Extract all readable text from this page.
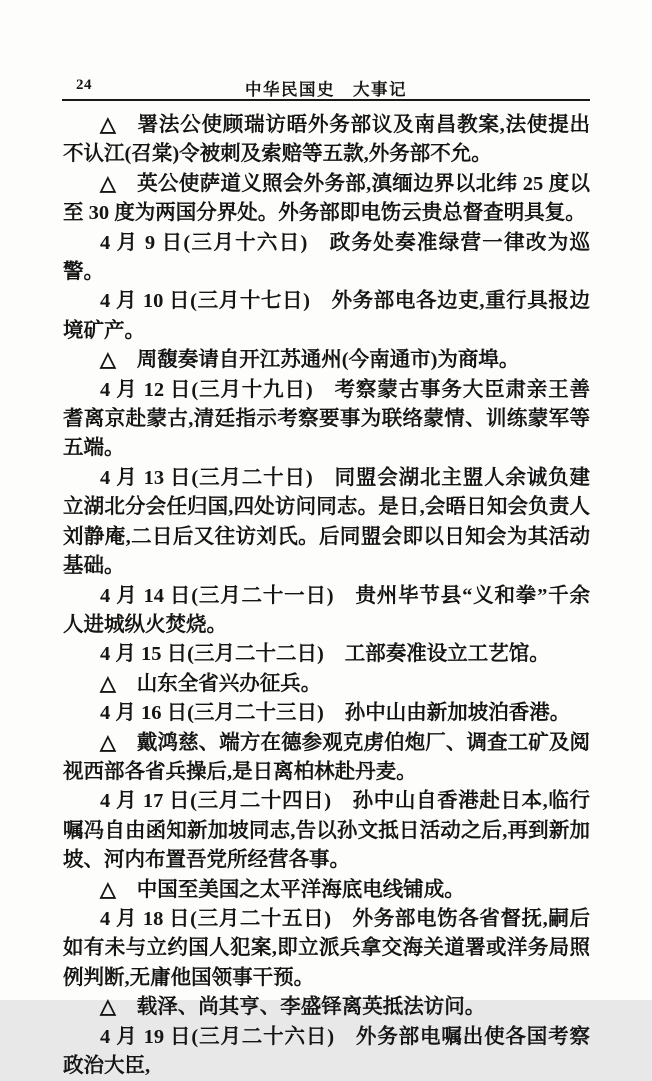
24	中华民国史　大事记

△ 署法公使顾瑞访晤外务部议及南昌教案,法使提出不认江(召棠)令被刺及索赔等五款,外务部不允。

△ 英公使萨道义照会外务部,滇缅边界以北纬 25 度以至 30 度为两国分界处。外务部即电饬云贵总督查明具复。

4 月 9 日(三月十六日) 政务处奏准绿营一律改为巡警。

4 月 10 日(三月十七日) 外务部电各边吏,重行具报边境矿产。

△ 周馥奏请自开江苏通州(今南通市)为商埠。

4 月 12 日(三月十九日) 考察蒙古事务大臣肃亲王善耆离京赴蒙古,清廷指示考察要事为联络蒙情、训练蒙军等五端。

4 月 13 日(三月二十日) 同盟会湖北主盟人余诚负建立湖北分会任归国,四处访问同志。是日,会晤日知会负责人刘静庵,二日后又往访刘氏。后同盟会即以日知会为其活动基础。

4 月 14 日(三月二十一日) 贵州毕节县“义和拳”千余人进城纵火焚烧。

4 月 15 日(三月二十二日) 工部奏准设立工艺馆。

△ 山东全省兴办征兵。

4 月 16 日(三月二十三日) 孙中山由新加坡泊香港。

△ 戴鸿慈、端方在德参观克虏伯炮厂、调查工矿及阅视西部各省兵操后,是日离柏林赴丹麦。

4 月 17 日(三月二十四日) 孙中山自香港赴日本,临行嘱冯自由函知新加坡同志,告以孙文抵日活动之后,再到新加坡、河内布置吾党所经营各事。

△ 中国至美国之太平洋海底电线铺成。

4 月 18 日(三月二十五日) 外务部电饬各省督抚,嗣后如有未与立约国人犯案,即立派兵拿交海关道署或洋务局照例判断,无庸他国领事干预。

△ 载泽、尚其亨、李盛铎离英抵法访问。

4 月 19 日(三月二十六日) 外务部电嘱出使各国考察政治大臣,
